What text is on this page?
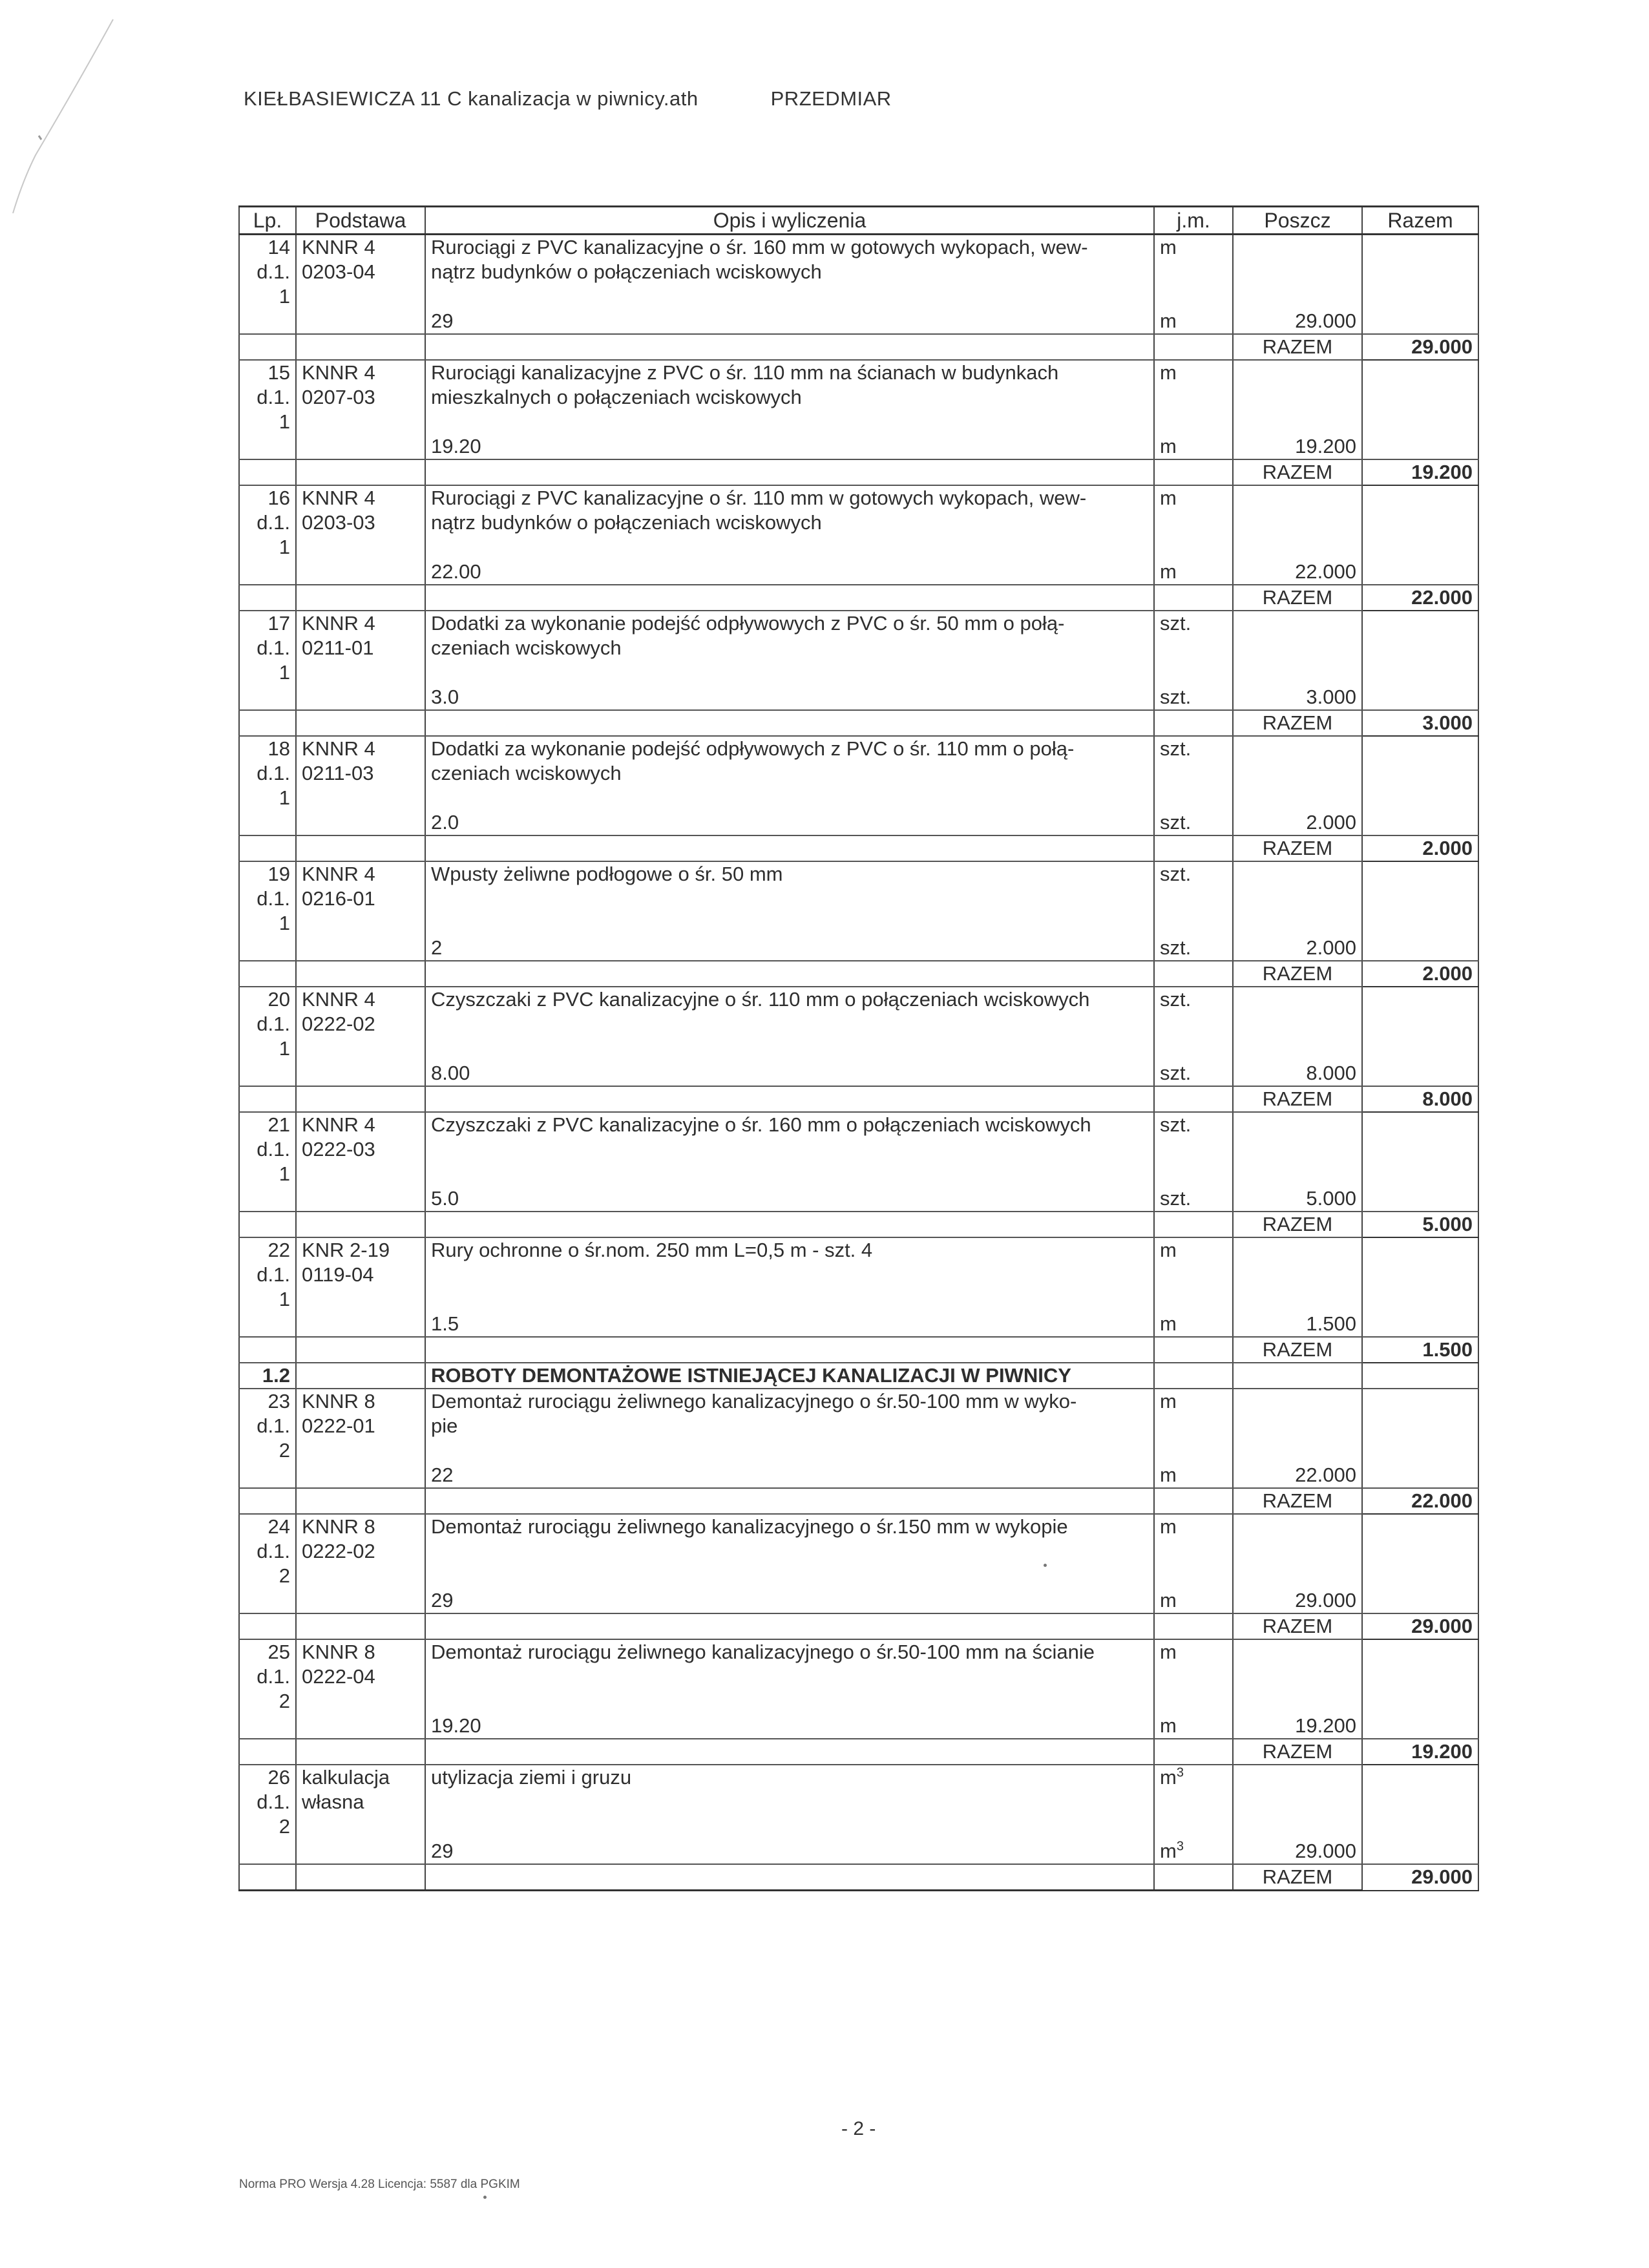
KIEŁBASIEWICZA 11 C kanalizacja w piwnicy.ath	PRZEDMIAR
Lp.	Podstawa	Opis i wyliczenia	j.m.	Poszcz	Razem
14	KNNR 4	Rurociągi z PVC kanalizacyjne o śr. 160 mm w gotowych wykopach, wew-	m		
d.1.	0203-04	nątrz budynków o połączeniach wciskowych			
1					
		29	m	29.000	
				RAZEM	29.000
15	KNNR 4	Rurociągi kanalizacyjne z PVC o śr. 110 mm na ścianach w budynkach	m		
d.1.	0207-03	mieszkalnych o połączeniach wciskowych			
1					
		19.20	m	19.200	
				RAZEM	19.200
16	KNNR 4	Rurociągi z PVC kanalizacyjne o śr. 110 mm w gotowych wykopach, wew-	m		
d.1.	0203-03	nątrz budynków o połączeniach wciskowych			
1					
		22.00	m	22.000	
				RAZEM	22.000
17	KNNR 4	Dodatki za wykonanie podejść odpływowych z PVC o śr. 50 mm o połą-	szt.		
d.1.	0211-01	czeniach wciskowych			
1					
		3.0	szt.	3.000	
				RAZEM	3.000
18	KNNR 4	Dodatki za wykonanie podejść odpływowych z PVC o śr. 110 mm o połą-	szt.		
d.1.	0211-03	czeniach wciskowych			
1					
		2.0	szt.	2.000	
				RAZEM	2.000
19	KNNR 4	Wpusty żeliwne podłogowe o śr. 50 mm	szt.		
d.1.	0216-01				
1					
		2	szt.	2.000	
				RAZEM	2.000
20	KNNR 4	Czyszczaki z PVC kanalizacyjne o śr. 110 mm o połączeniach wciskowych	szt.		
d.1.	0222-02				
1					
		8.00	szt.	8.000	
				RAZEM	8.000
21	KNNR 4	Czyszczaki z PVC kanalizacyjne o śr. 160 mm o połączeniach wciskowych	szt.		
d.1.	0222-03				
1					
		5.0	szt.	5.000	
				RAZEM	5.000
22	KNR 2-19	Rury ochronne o śr.nom. 250 mm L=0,5 m - szt. 4	m		
d.1.	0119-04				
1					
		1.5	m	1.500	
				RAZEM	1.500
1.2		ROBOTY DEMONTAŻOWE ISTNIEJĄCEJ KANALIZACJI W PIWNICY			
23	KNNR 8	Demontaż rurociągu żeliwnego kanalizacyjnego o śr.50-100 mm w wyko-	m		
d.1.	0222-01	pie			
2					
		22	m	22.000	
				RAZEM	22.000
24	KNNR 8	Demontaż rurociągu żeliwnego kanalizacyjnego o śr.150 mm w wykopie	m		
d.1.	0222-02				
2					
		29	m	29.000	
				RAZEM	29.000
25	KNNR 8	Demontaż rurociągu żeliwnego kanalizacyjnego o śr.50-100 mm na ścianie	m		
d.1.	0222-04				
2					
		19.20	m	19.200	
				RAZEM	19.200
26	kalkulacja	utylizacja ziemi i gruzu	$m^3$		
d.1.	własna				
2					
		29	$m^3$	29.000	
				RAZEM	29.000
- 2 -
Norma PRO Wersja 4.28 Licencja: 5587 dla PGKIM
